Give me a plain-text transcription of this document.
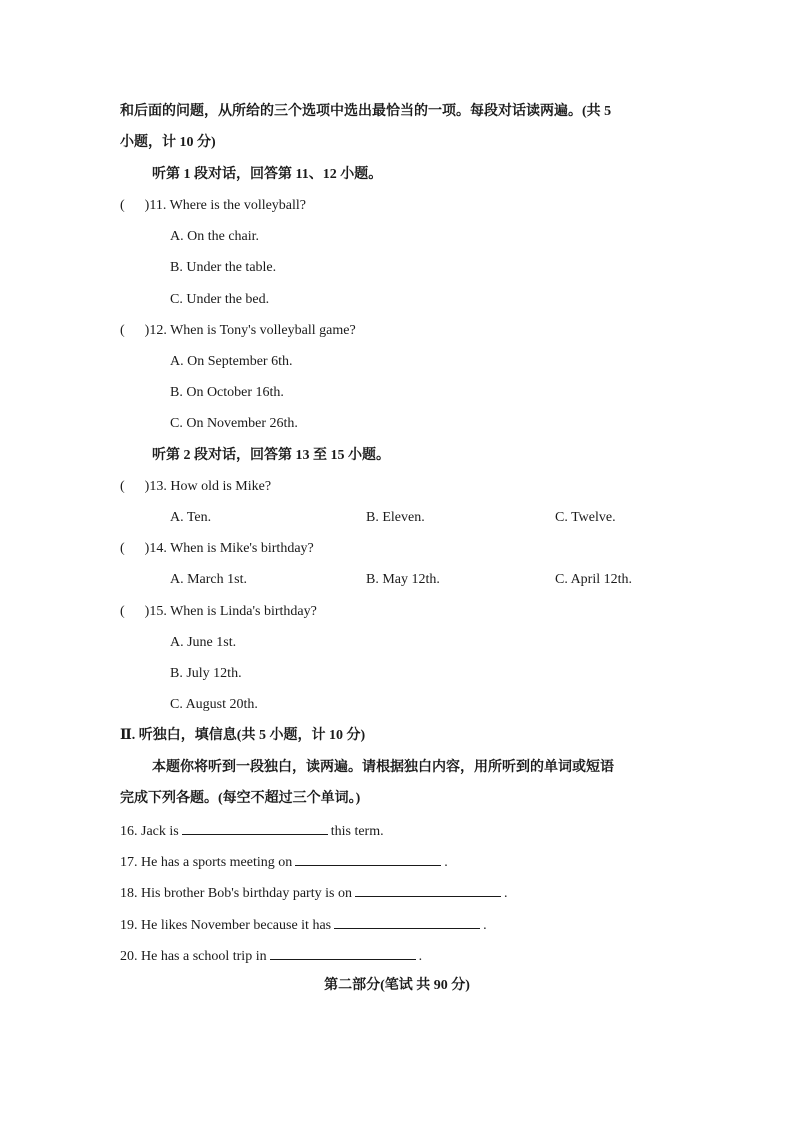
和后面的问题，从所给的三个选项中选出最恰当的一项。每段对话读两遍。(共 5
小题，计 10 分)
听第 1 段对话，回答第 11、12 小题。
( )11. Where is the volleyball?
A. On the chair.
B. Under the table.
C. Under the bed.
( )12. When is Tony's volleyball game?
A. On September 6th.
B. On October 16th.
C. On November 26th.
听第 2 段对话，回答第 13 至 15 小题。
( )13. How old is Mike?
A. Ten.	B. Eleven.	C. Twelve.
( )14. When is Mike's birthday?
A. March 1st.	B. May 12th.	C. April 12th.
( )15. When is Linda's birthday?
A. June 1st.
B. July 12th.
C. August 20th.
Ⅱ. 听独白，填信息(共 5 小题，计 10 分)
本题你将听到一段独白，读两遍。请根据独白内容，用所听到的单词或短语
完成下列各题。(每空不超过三个单词。)
16. Jack is	this term.
17. He has a sports meeting on	.
18. His brother Bob's birthday party is on	.
19. He likes November because it has	.
20. He has a school trip in	.
第二部分(笔试 共 90 分)
